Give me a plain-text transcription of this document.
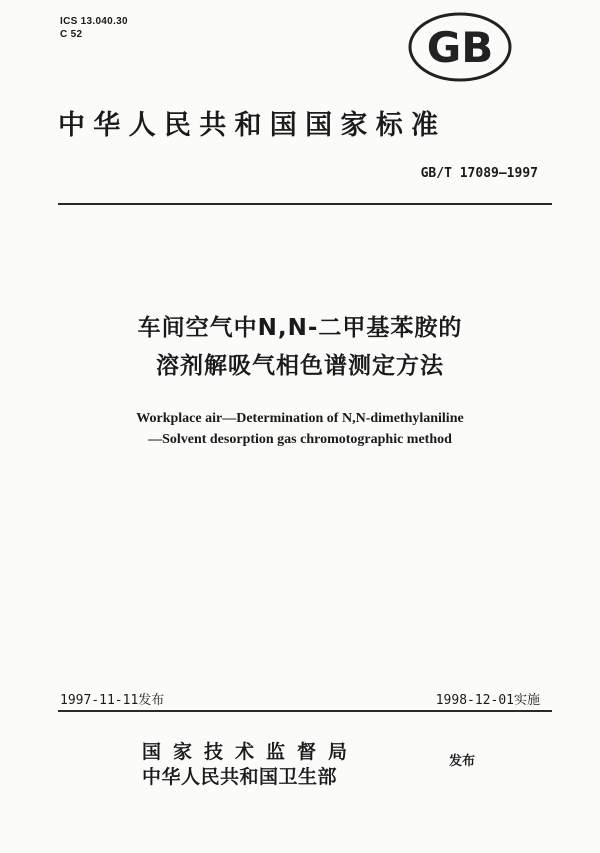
ICS 13.040.30
C 52	GB
中华人民共和国国家标准
GB/T 17089—1997
车间空气中N,N-二甲基苯胺的
溶剂解吸气相色谱测定方法
Workplace air—Determination of N,N-dimethylaniline
—Solvent desorption gas chromotographic method
1997-11-11发布	1998-12-01实施
国家技术监督局
中华人民共和国卫生部
发布
